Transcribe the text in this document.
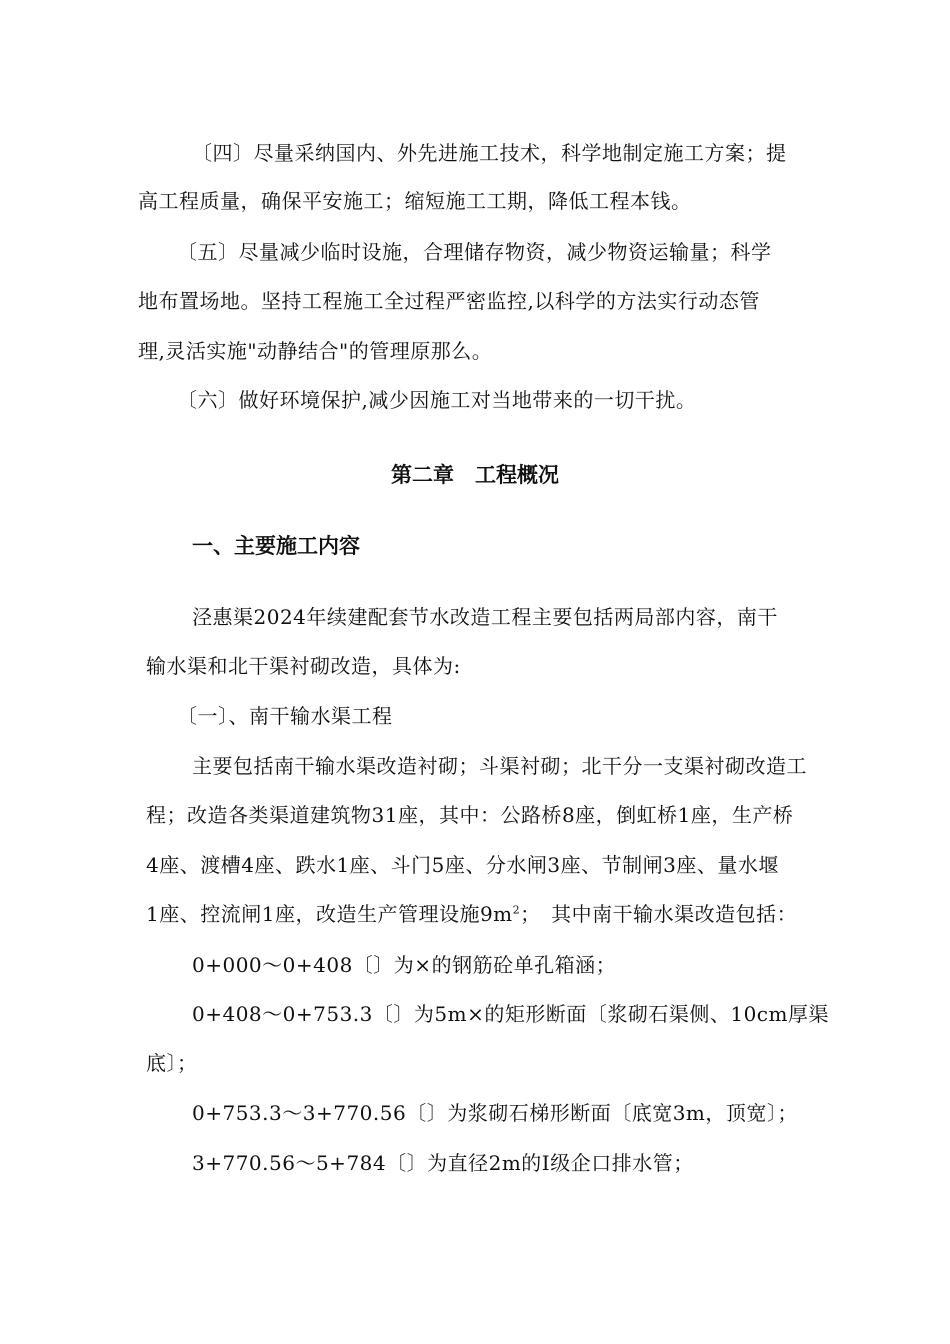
〔四〕尽量采纳国内、外先进施工技术，科学地制定施工方案；提
高工程质量，确保平安施工；缩短施工工期，降低工程本钱。
〔五〕尽量减少临时设施，合理储存物资，减少物资运输量；科学
地布置场地。坚持工程施工全过程严密监控,以科学的方法实行动态管
理,灵活实施"动静结合"的管理原那么。
〔六〕做好环境保护,减少因施工对当地带来的一切干扰。
第二章　工程概况
一、主要施工内容
泾惠渠2024年续建配套节水改造工程主要包括两局部内容，南干
输水渠和北干渠衬砌改造，具体为:
〔一〕、南干输水渠工程
主要包括南干输水渠改造衬砌；斗渠衬砌；北干分一支渠衬砌改造工
程；改造各类渠道建筑物31座，其中：公路桥8座，倒虹桥1座，生产桥
4座、渡槽4座、跌水1座、斗门5座、分水闸3座、节制闸3座、量水堰
1座、控流闸1座，改造生产管理设施$9m^2$；　其中南干输水渠改造包括：
0+000～0+408〔〕为×的钢筋砼单孔箱涵；
0+408～0+753.3〔〕为5m×的矩形断面〔浆砌石渠侧、10cm厚渠
底〕；
0+753.3～3+770.56〔〕为浆砌石梯形断面〔底宽3m，顶宽〕；
3+770.56～5+784〔〕为直径2m的Ⅰ级企口排水管；
